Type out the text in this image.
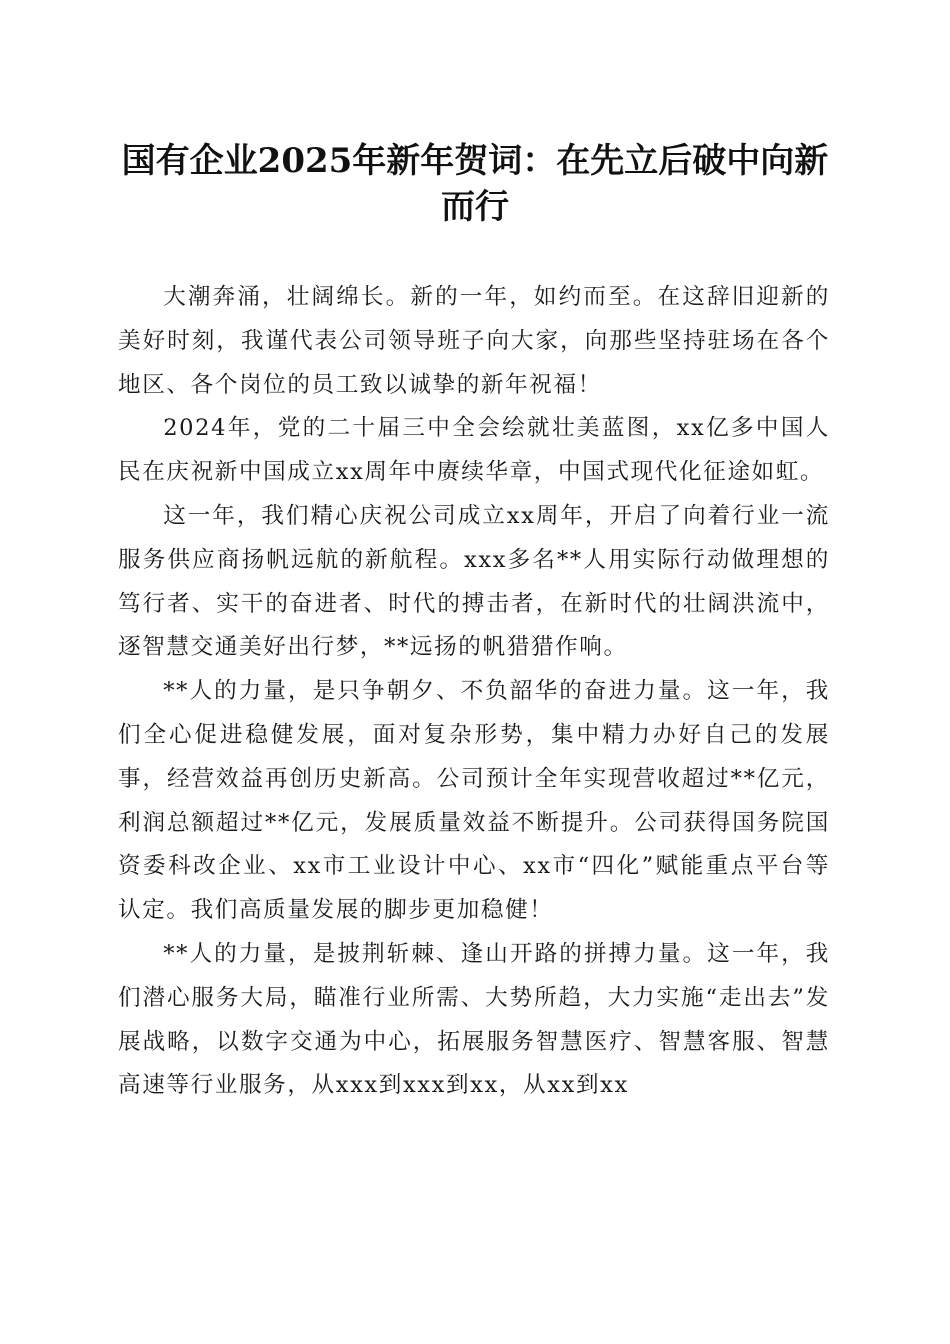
国有企业2025年新年贺词：在先立后破中向新而行

大潮奔涌，壮阔绵长。新的一年，如约而至。在这辞旧迎新的美好时刻，我谨代表公司领导班子向大家，向那些坚持驻场在各个地区、各个岗位的员工致以诚挚的新年祝福！

2024年，党的二十届三中全会绘就壮美蓝图，xx亿多中国人民在庆祝新中国成立xx周年中赓续华章，中国式现代化征途如虹。

这一年，我们精心庆祝公司成立xx周年，开启了向着行业一流服务供应商扬帆远航的新航程。xxx多名**人用实际行动做理想的笃行者、实干的奋进者、时代的搏击者，在新时代的壮阔洪流中，逐智慧交通美好出行梦，**远扬的帆猎猎作响。

**人的力量，是只争朝夕、不负韶华的奋进力量。这一年，我们全心促进稳健发展，面对复杂形势，集中精力办好自己的发展事，经营效益再创历史新高。公司预计全年实现营收超过**亿元，利润总额超过**亿元，发展质量效益不断提升。公司获得国务院国资委科改企业、xx市工业设计中心、xx市“四化”赋能重点平台等认定。我们高质量发展的脚步更加稳健！

**人的力量，是披荆斩棘、逢山开路的拼搏力量。这一年，我们潜心服务大局，瞄准行业所需、大势所趋，大力实施“走出去”发展战略，以数字交通为中心，拓展服务智慧医疗、智慧客服、智慧高速等行业服务，从xxx到xxx到xx，从xx到xx
